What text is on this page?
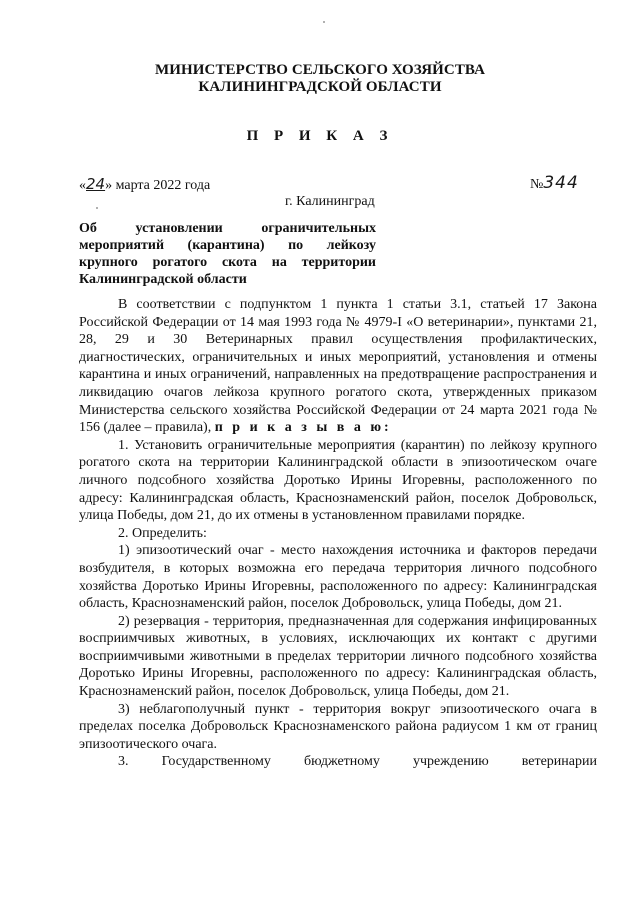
МИНИСТЕРСТВО СЕЛЬСКОГО ХОЗЯЙСТВА
КАЛИНИНГРАДСКОЙ ОБЛАСТИ
П Р И К А З
«24» марта 2022 года	№344
г. Калининград
Об установлении ограничительных мероприятий (карантина) по лейкозу крупного рогатого скота на территории Калининградской области

В соответствии с подпунктом 1 пункта 1 статьи 3.1, статьей 17 Закона Российской Федерации от 14 мая 1993 года № 4979-I «О ветеринарии», пунктами 21, 28, 29 и 30 Ветеринарных правил осуществления профилактических, диагностических, ограничительных и иных мероприятий, установления и отмены карантина и иных ограничений, направленных на предотвращение распространения и ликвидацию очагов лейкоза крупного рогатого скота, утвержденных приказом Министерства сельского хозяйства Российской Федерации от 24 марта 2021 года № 156 (далее – правила), п р и к а з ы в а ю:

1. Установить ограничительные мероприятия (карантин) по лейкозу крупного рогатого скота на территории Калининградской области в эпизоотическом очаге личного подсобного хозяйства Доротько Ирины Игоревны, расположенного по адресу: Калининградская область, Краснознаменский район, поселок Добровольск, улица Победы, дом 21, до их отмены в установленном правилами порядке.

2. Определить:

1) эпизоотический очаг - место нахождения источника и факторов передачи возбудителя, в которых возможна его передача территория личного подсобного хозяйства Доротько Ирины Игоревны, расположенного по адресу: Калининградская область, Краснознаменский район, поселок Добровольск, улица Победы, дом 21.

2) резервация - территория, предназначенная для содержания инфицированных восприимчивых животных, в условиях, исключающих их контакт с другими восприимчивыми животными в пределах территории личного подсобного хозяйства Доротько Ирины Игоревны, расположенного по адресу: Калининградская область, Краснознаменский район, поселок Добровольск, улица Победы, дом 21.

3) неблагополучный пункт - территория вокруг эпизоотического очага в пределах поселка Добровольск Краснознаменского района радиусом 1 км от границ эпизоотического очага.

3. Государственному бюджетному учреждению ветеринарии
